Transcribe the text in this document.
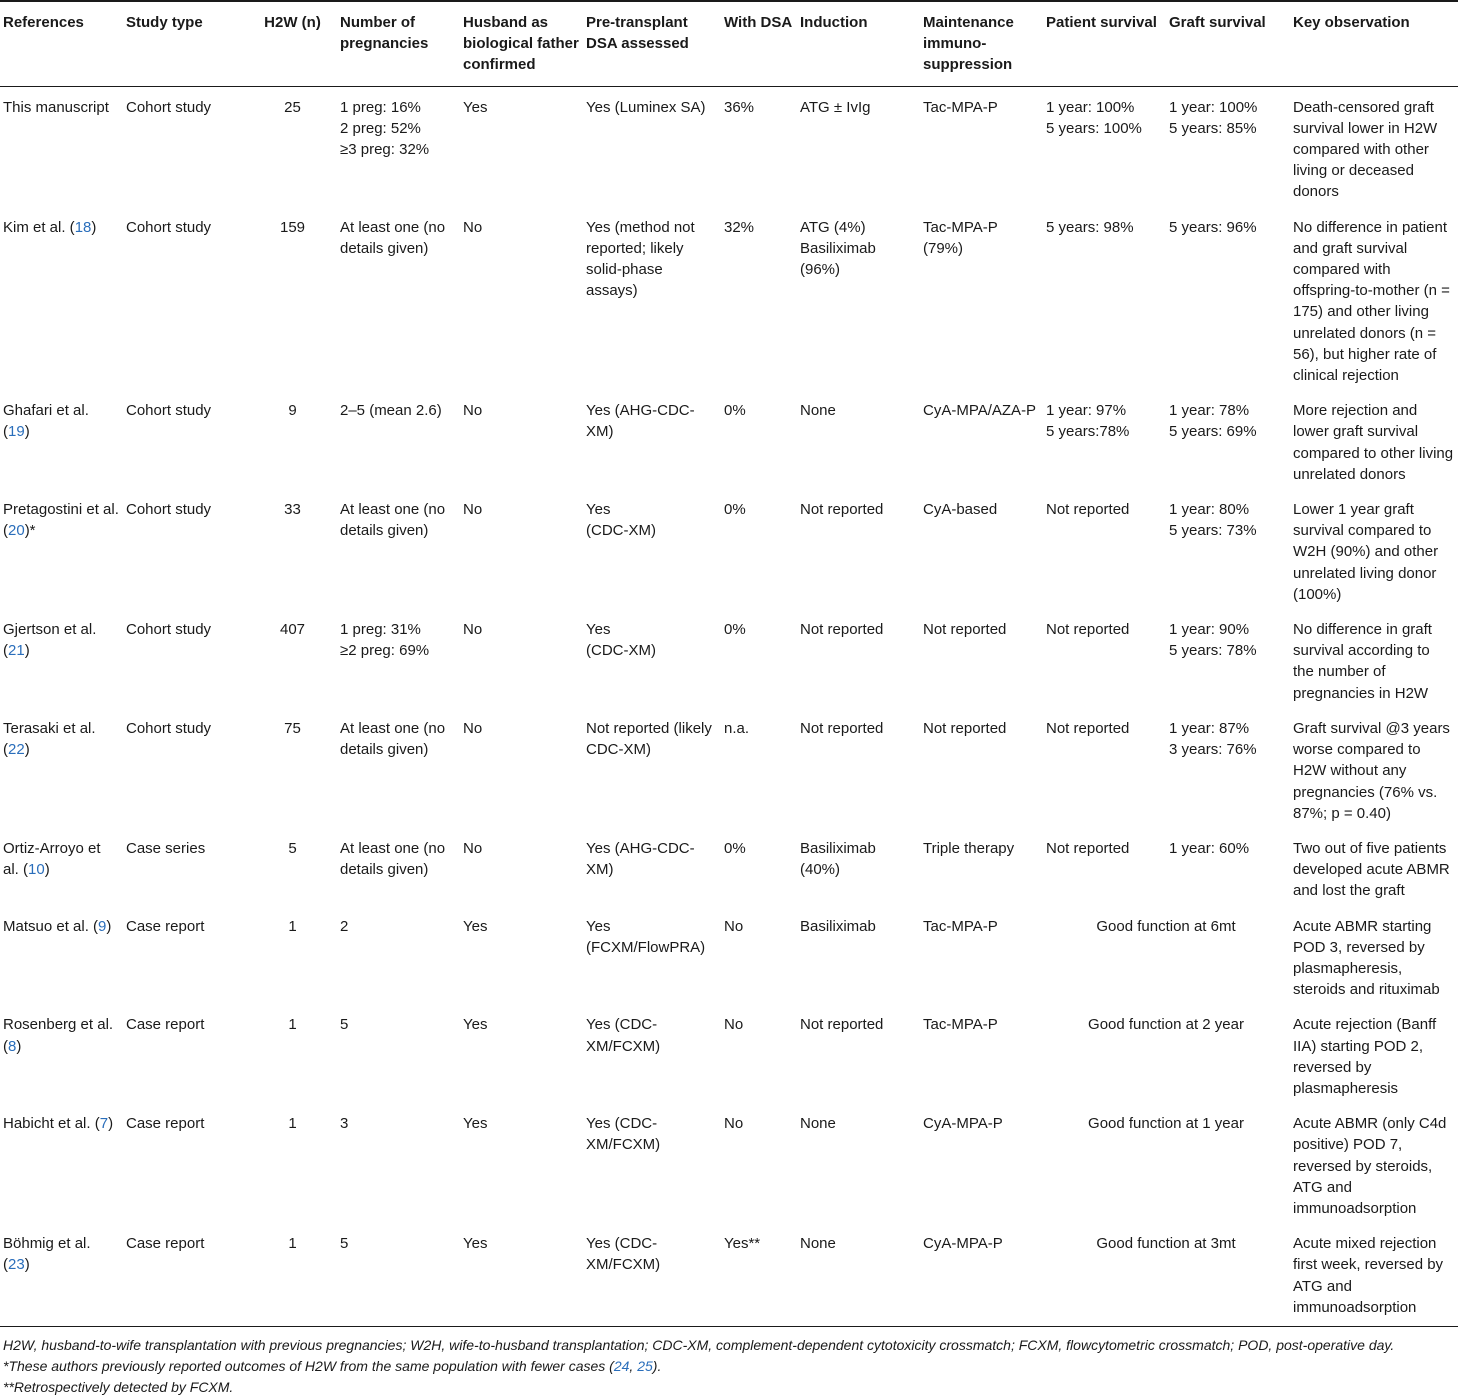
References	Study type	H2W (n)	Number of pregnancies	Husband as biological father confirmed	Pre-transplant DSA assessed	With DSA	Induction	Maintenance immuno-suppression	Patient survival	Graft survival	Key observation
This manuscript	Cohort study	25	1 preg: 16%
2 preg: 52%
≥3 preg: 32%	Yes	Yes (Luminex SA)	36%	ATG ± IvIg	Tac-MPA-P	1 year: 100%
5 years: 100%	1 year: 100%
5 years: 85%	Death-censored graft survival lower in H2W compared with other living or deceased donors
Kim et al. (18)	Cohort study	159	At least one (no details given)	No	Yes (method not reported; likely solid-phase assays)	32%	ATG (4%)
Basiliximab (96%)	Tac-MPA-P (79%)	5 years: 98%	5 years: 96%	No difference in patient and graft survival compared with offspring-to-mother (n = 175) and other living unrelated donors (n = 56), but higher rate of clinical rejection
Ghafari et al. (19)	Cohort study	9	2–5 (mean 2.6)	No	Yes (AHG-CDC-XM)	0%	None	CyA-MPA/AZA-P	1 year: 97%
5 years:78%	1 year: 78%
5 years: 69%	More rejection and lower graft survival compared to other living unrelated donors
Pretagostini et al. (20)*	Cohort study	33	At least one (no details given)	No	Yes
(CDC-XM)	0%	Not reported	CyA-based	Not reported	1 year: 80%
5 years: 73%	Lower 1 year graft survival compared to W2H (90%) and other unrelated living donor (100%)
Gjertson et al. (21)	Cohort study	407	1 preg: 31%
≥2 preg: 69%	No	Yes
(CDC-XM)	0%	Not reported	Not reported	Not reported	1 year: 90%
5 years: 78%	No difference in graft survival according to the number of pregnancies in H2W
Terasaki et al. (22)	Cohort study	75	At least one (no details given)	No	Not reported (likely CDC-XM)	n.a.	Not reported	Not reported	Not reported	1 year: 87%
3 years: 76%	Graft survival @3 years worse compared to H2W without any pregnancies (76% vs. 87%; p = 0.40)
Ortiz-Arroyo et al. (10)	Case series	5	At least one (no details given)	No	Yes (AHG-CDC-XM)	0%	Basiliximab (40%)	Triple therapy	Not reported	1 year: 60%	Two out of five patients developed acute ABMR and lost the graft
Matsuo et al. (9)	Case report	1	2	Yes	Yes (FCXM/FlowPRA)	No	Basiliximab	Tac-MPA-P	Good function at 6mt		Acute ABMR starting POD 3, reversed by plasmapheresis, steroids and rituximab
Rosenberg et al. (8)	Case report	1	5	Yes	Yes (CDC-XM/FCXM)	No	Not reported	Tac-MPA-P	Good function at 2 year		Acute rejection (Banff IIA) starting POD 2, reversed by plasmapheresis
Habicht et al. (7)	Case report	1	3	Yes	Yes (CDC-XM/FCXM)	No	None	CyA-MPA-P	Good function at 1 year		Acute ABMR (only C4d positive) POD 7, reversed by steroids, ATG and immunoadsorption
Böhmig et al. (23)	Case report	1	5	Yes	Yes (CDC-XM/FCXM)	Yes**	None	CyA-MPA-P	Good function at 3mt		Acute mixed rejection first week, reversed by ATG and immunoadsorption
H2W, husband-to-wife transplantation with previous pregnancies; W2H, wife-to-husband transplantation; CDC-XM, complement-dependent cytotoxicity crossmatch; FCXM, flowcytometric crossmatch; POD, post-operative day.
*These authors previously reported outcomes of H2W from the same population with fewer cases (24, 25).
**Retrospectively detected by FCXM.
